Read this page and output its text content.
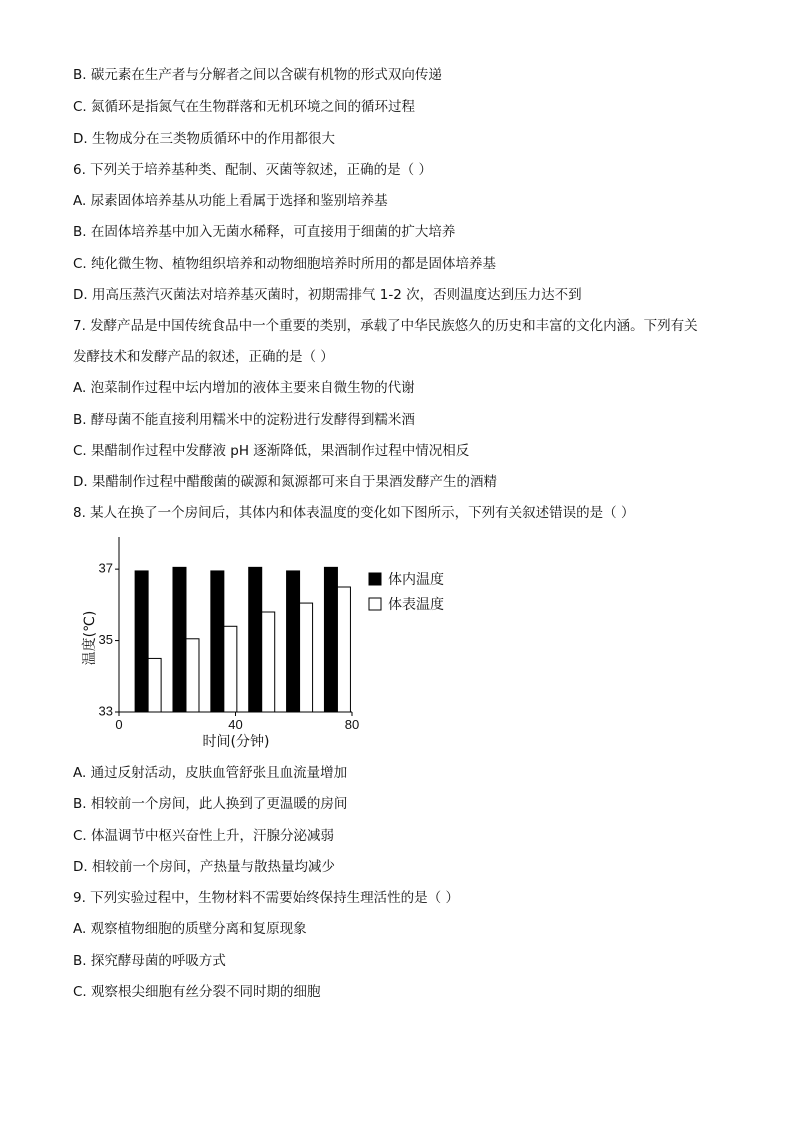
B. 碳元素在生产者与分解者之间以含碳有机物的形式双向传递
C. 氮循环是指氮气在生物群落和无机环境之间的循环过程
D. 生物成分在三类物质循环中的作用都很大
6. 下列关于培养基种类、配制、灭菌等叙述，正确的是（ ）
A. 尿素固体培养基从功能上看属于选择和鉴别培养基
B. 在固体培养基中加入无菌水稀释，可直接用于细菌的扩大培养
C. 纯化微生物、植物组织培养和动物细胞培养时所用的都是固体培养基
D. 用高压蒸汽灭菌法对培养基灭菌时，初期需排气 1-2 次，否则温度达到压力达不到
7. 发酵产品是中国传统食品中一个重要的类别，承载了中华民族悠久的历史和丰富的文化内涵。下列有关
发酵技术和发酵产品的叙述，正确的是（ ）
A. 泡菜制作过程中坛内增加的液体主要来自微生物的代谢
B. 酵母菌不能直接利用糯米中的淀粉进行发酵得到糯米酒
C. 果醋制作过程中发酵液 pH 逐渐降低，果酒制作过程中情况相反
D. 果醋制作过程中醋酸菌的碳源和氮源都可来自于果酒发酵产生的酒精
8. 某人在换了一个房间后，其体内和体表温度的变化如下图所示，下列有关叙述错误的是（ ）
33
35
37
0	40	80
温度(℃)
时间(分钟)
体内温度
体表温度
A. 通过反射活动，皮肤血管舒张且血流量增加
B. 相较前一个房间，此人换到了更温暖的房间
C. 体温调节中枢兴奋性上升，汗腺分泌减弱
D. 相较前一个房间，产热量与散热量均减少
9. 下列实验过程中，生物材料不需要始终保持生理活性的是（ ）
A. 观察植物细胞的质壁分离和复原现象
B. 探究酵母菌的呼吸方式
C. 观察根尖细胞有丝分裂不同时期的细胞
